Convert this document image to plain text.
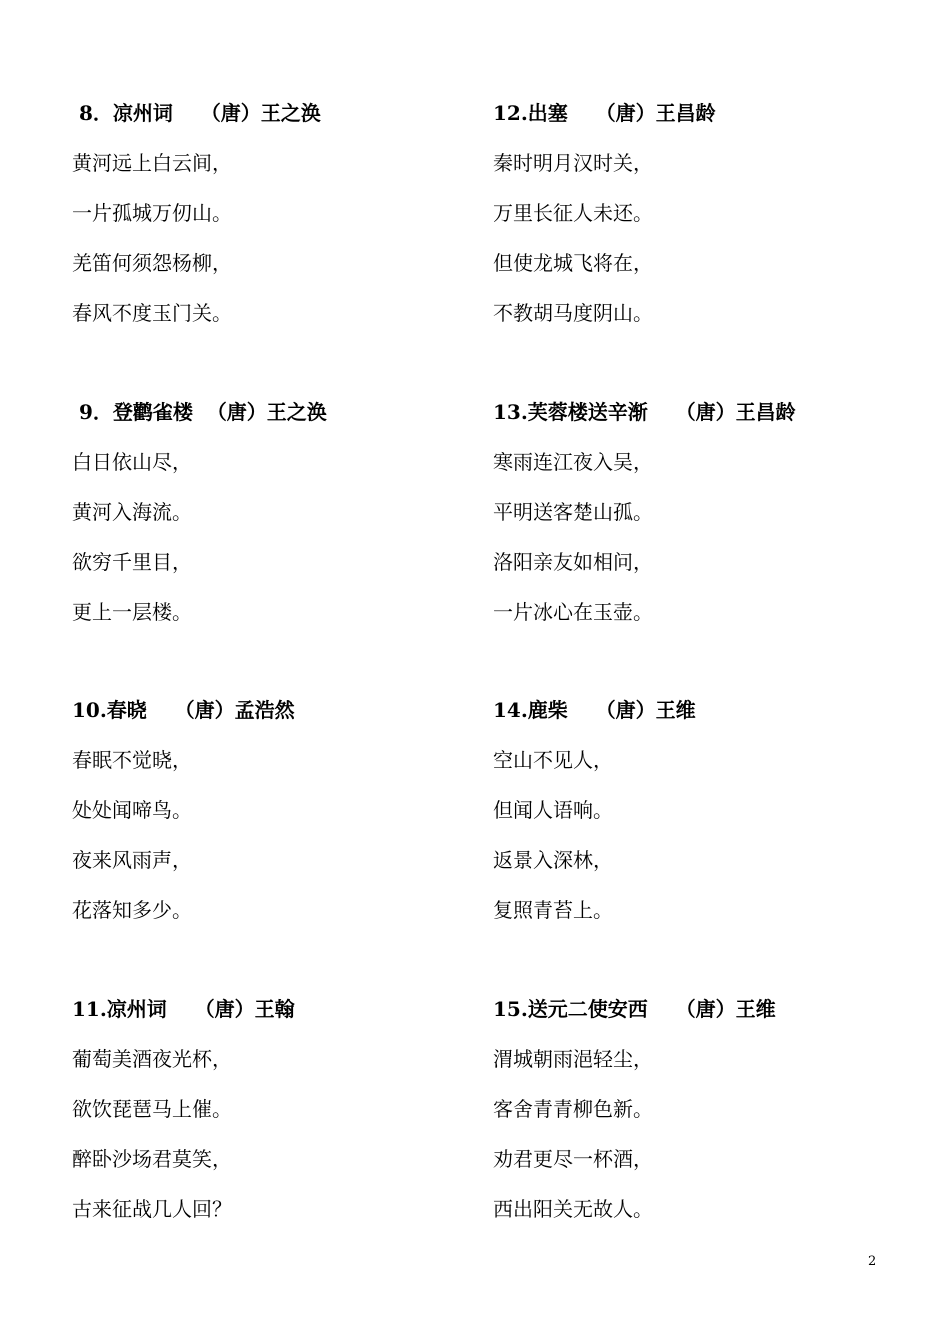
8．凉州词    （唐）王之涣
黄河远上白云间，
一片孤城万仞山。
羌笛何须怨杨柳，
春风不度玉门关。
12.出塞    （唐）王昌龄
秦时明月汉时关，
万里长征人未还。
但使龙城飞将在，
不教胡马度阴山。
9．登鹳雀楼  （唐）王之涣
白日依山尽，
黄河入海流。
欲穷千里目，
更上一层楼。
13.芙蓉楼送辛渐    （唐）王昌龄
寒雨连江夜入吴，
平明送客楚山孤。
洛阳亲友如相问，
一片冰心在玉壶。
10.春晓    （唐）孟浩然
春眠不觉晓，
处处闻啼鸟。
夜来风雨声，
花落知多少。
14.鹿柴    （唐）王维
空山不见人，
但闻人语响。
返景入深林，
复照青苔上。
11.凉州词    （唐）王翰
葡萄美酒夜光杯，
欲饮琵琶马上催。
醉卧沙场君莫笑，
古来征战几人回？
15.送元二使安西    （唐）王维
渭城朝雨浥轻尘，
客舍青青柳色新。
劝君更尽一杯酒，
西出阳关无故人。
2
